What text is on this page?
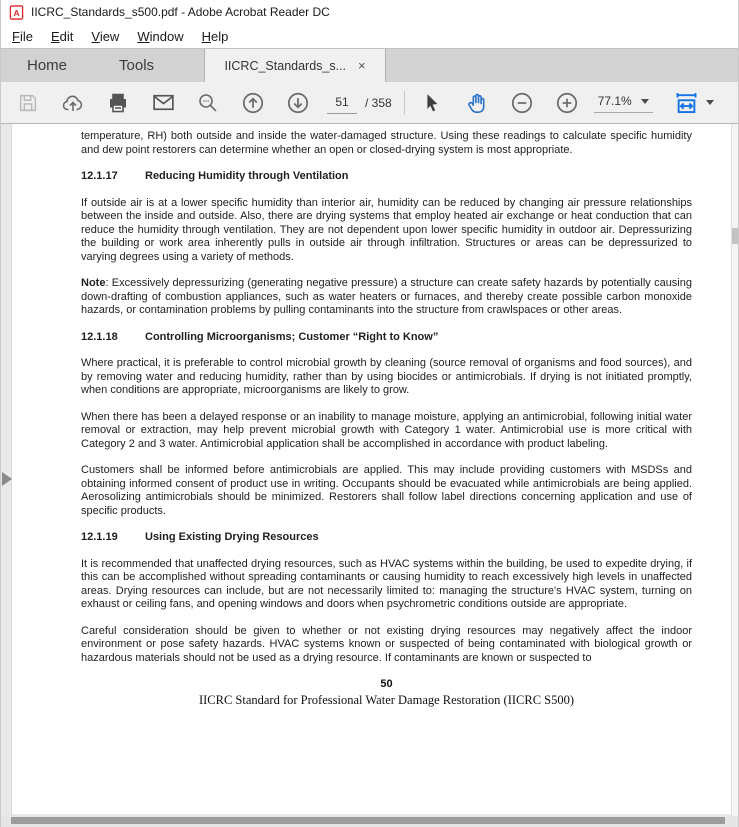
A IICRC_Standards_s500.pdf - Adobe Acrobat Reader DC
File	Edit	View	Window	Help
Home	Tools	IICRC_Standards_s... ×
51
/ 358	77.1%

temperature, RH) both outside and inside the water-damaged structure. Using these readings to calculate specific humidity and dew point restorers can determine whether an open or closed-drying system is most appropriate.

12.1.17 Reducing Humidity through Ventilation

If outside air is at a lower specific humidity than interior air, humidity can be reduced by changing air pressure relationships between the inside and outside. Also, there are drying systems that employ heated air exchange or heat conduction that can reduce the humidity through ventilation. They are not dependent upon lower specific humidity in outdoor air. Depressurizing the building or work area inherently pulls in outside air through infiltration. Structures or areas can be depressurized to varying degrees using a variety of methods.

Note: Excessively depressurizing (generating negative pressure) a structure can create safety hazards by potentially causing down-drafting of combustion appliances, such as water heaters or furnaces, and thereby create possible carbon monoxide hazards, or contamination problems by pulling contaminants into the structure from crawlspaces or other areas.

12.1.18 Controlling Microorganisms; Customer “Right to Know”

Where practical, it is preferable to control microbial growth by cleaning (source removal of organisms and food sources), and by removing water and reducing humidity, rather than by using biocides or antimicrobials. If drying is not initiated promptly, when conditions are appropriate, microorganisms are likely to grow.

When there has been a delayed response or an inability to manage moisture, applying an antimicrobial, following initial water removal or extraction, may help prevent microbial growth with Category 1 water. Antimicrobial use is more critical with Category 2 and 3 water. Antimicrobial application shall be accomplished in accordance with product labeling.

Customers shall be informed before antimicrobials are applied. This may include providing customers with MSDSs and obtaining informed consent of product use in writing. Occupants should be evacuated while antimicrobials are being applied. Aerosolizing antimicrobials should be minimized. Restorers shall follow label directions concerning application and use of specific products.

12.1.19 Using Existing Drying Resources

It is recommended that unaffected drying resources, such as HVAC systems within the building, be used to expedite drying, if this can be accomplished without spreading contaminants or causing humidity to reach excessively high levels in unaffected areas. Drying resources can include, but are not necessarily limited to: managing the structure's HVAC system, turning on exhaust or ceiling fans, and opening windows and doors when psychrometric conditions outside are appropriate.

Careful consideration should be given to whether or not existing drying resources may negatively affect the indoor environment or pose safety hazards. HVAC systems known or suspected of being contaminated with biological growth or hazardous materials should not be used as a drying resource. If contaminants are known or suspected to

50
IICRC Standard for Professional Water Damage Restoration (IICRC S500)
